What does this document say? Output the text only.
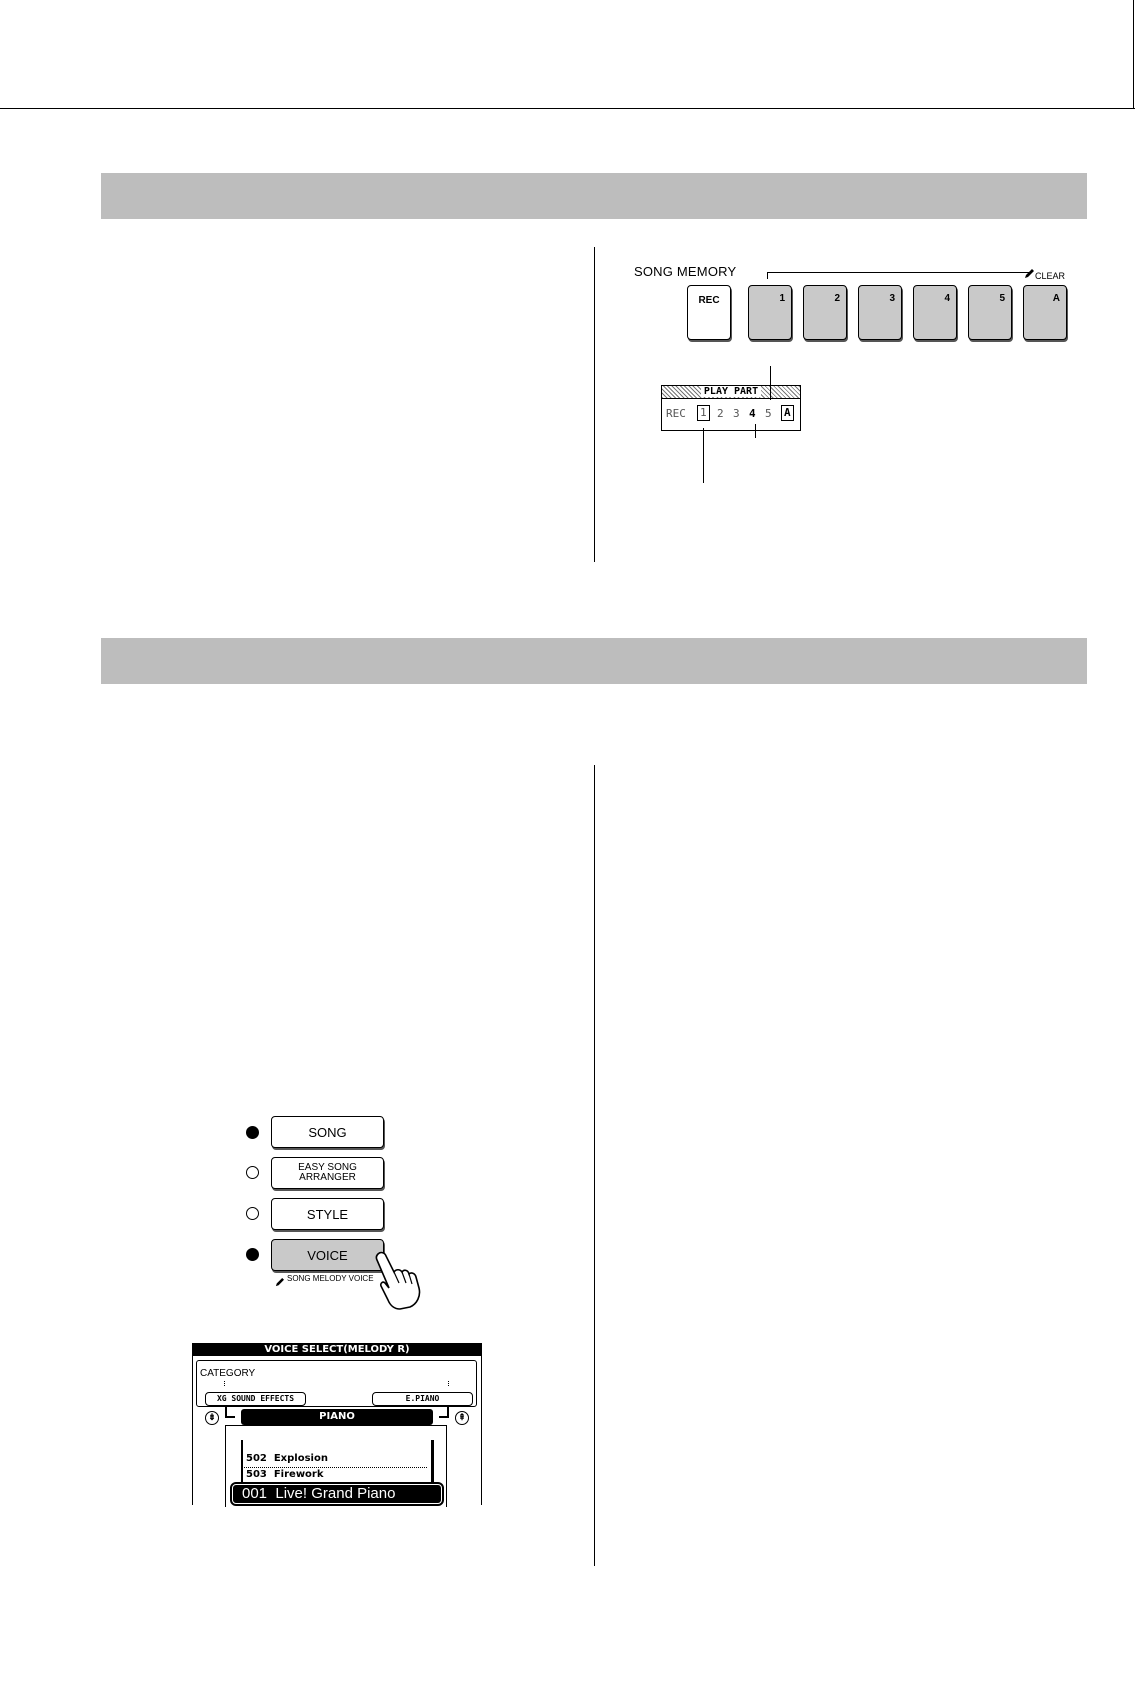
SONG MEMORY	CLEAR
REC	1	2	3	4	5	A
PLAY PART
REC 1 2 3 4 5 A
SONG
EASY SONG
ARRANGER
STYLE
VOICE
SONG MELODY VOICE
VOICE SELECT(MELODY R)
CATEGORY
XG SOUND EFFECTS	E.PIANO
⇟	⇞
PIANO
502 Explosion
503 Firework
001 Live! Grand Piano
